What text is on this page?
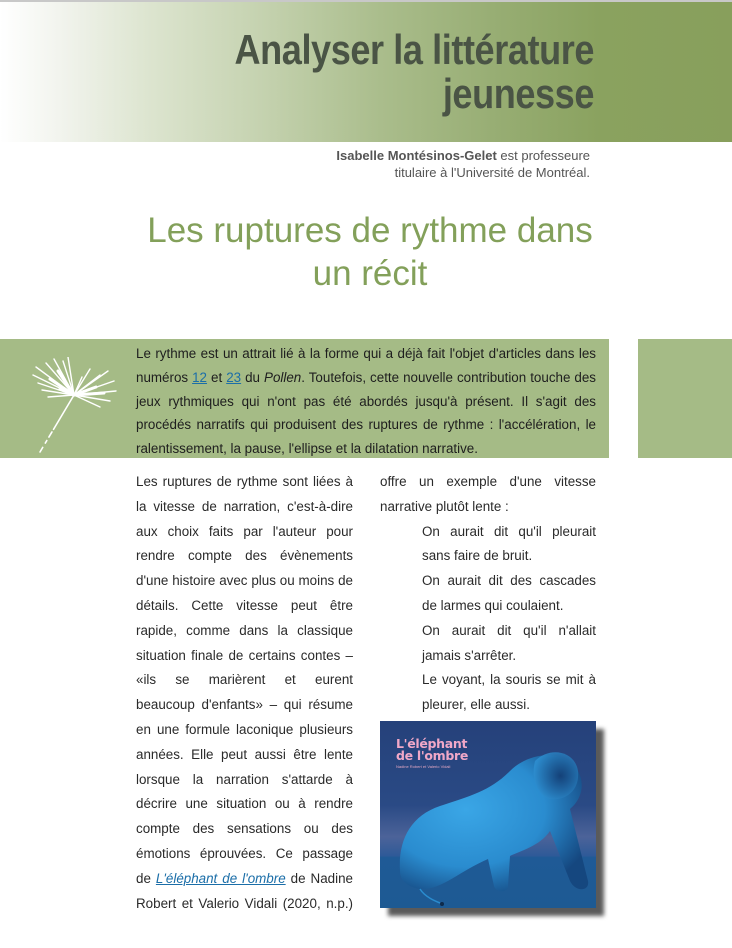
Analyser la littérature
jeunesse
Isabelle Montésinos-Gelet est professeure
titulaire à l'Université de Montréal.
Les ruptures de rythme dans
un récit
Le rythme est un attrait lié à la forme qui a déjà fait l'objet d'articles dans les numéros 12 et 23 du Pollen. Toutefois, cette nouvelle contribution touche des jeux rythmiques qui n'ont pas été abordés jusqu'à présent. Il s'agit des procédés narratifs qui produisent des ruptures de rythme : l'accélération, le ralentissement, la pause, l'ellipse et la dilatation narrative.

Les ruptures de rythme sont liées à la vitesse de narration, c'est-à-dire aux choix faits par l'auteur pour rendre compte des évènements d'une histoire avec plus ou moins de détails. Cette vitesse peut être rapide, comme dans la classique situation finale de certains contes – «ils se marièrent et eurent beaucoup d'enfants» – qui résume en une formule laconique plusieurs années. Elle peut aussi être lente lorsque la narration s'attarde à décrire une situation ou à rendre compte des sensations ou des émotions éprouvées. Ce passage de L'éléphant de l'ombre de Nadine Robert et Valerio Vidali (2020, n.p.)

offre un exemple d'une vitesse narrative plutôt lente :

On aurait dit qu'il pleurait sans faire de bruit.

On aurait dit des cascades de larmes qui coulaient.

On aurait dit qu'il n'allait jamais s'arrêter.

Le voyant, la souris se mit à pleurer, elle aussi.

L'éléphant
de l'ombre
Nadine Robert et Valerio Vidali
